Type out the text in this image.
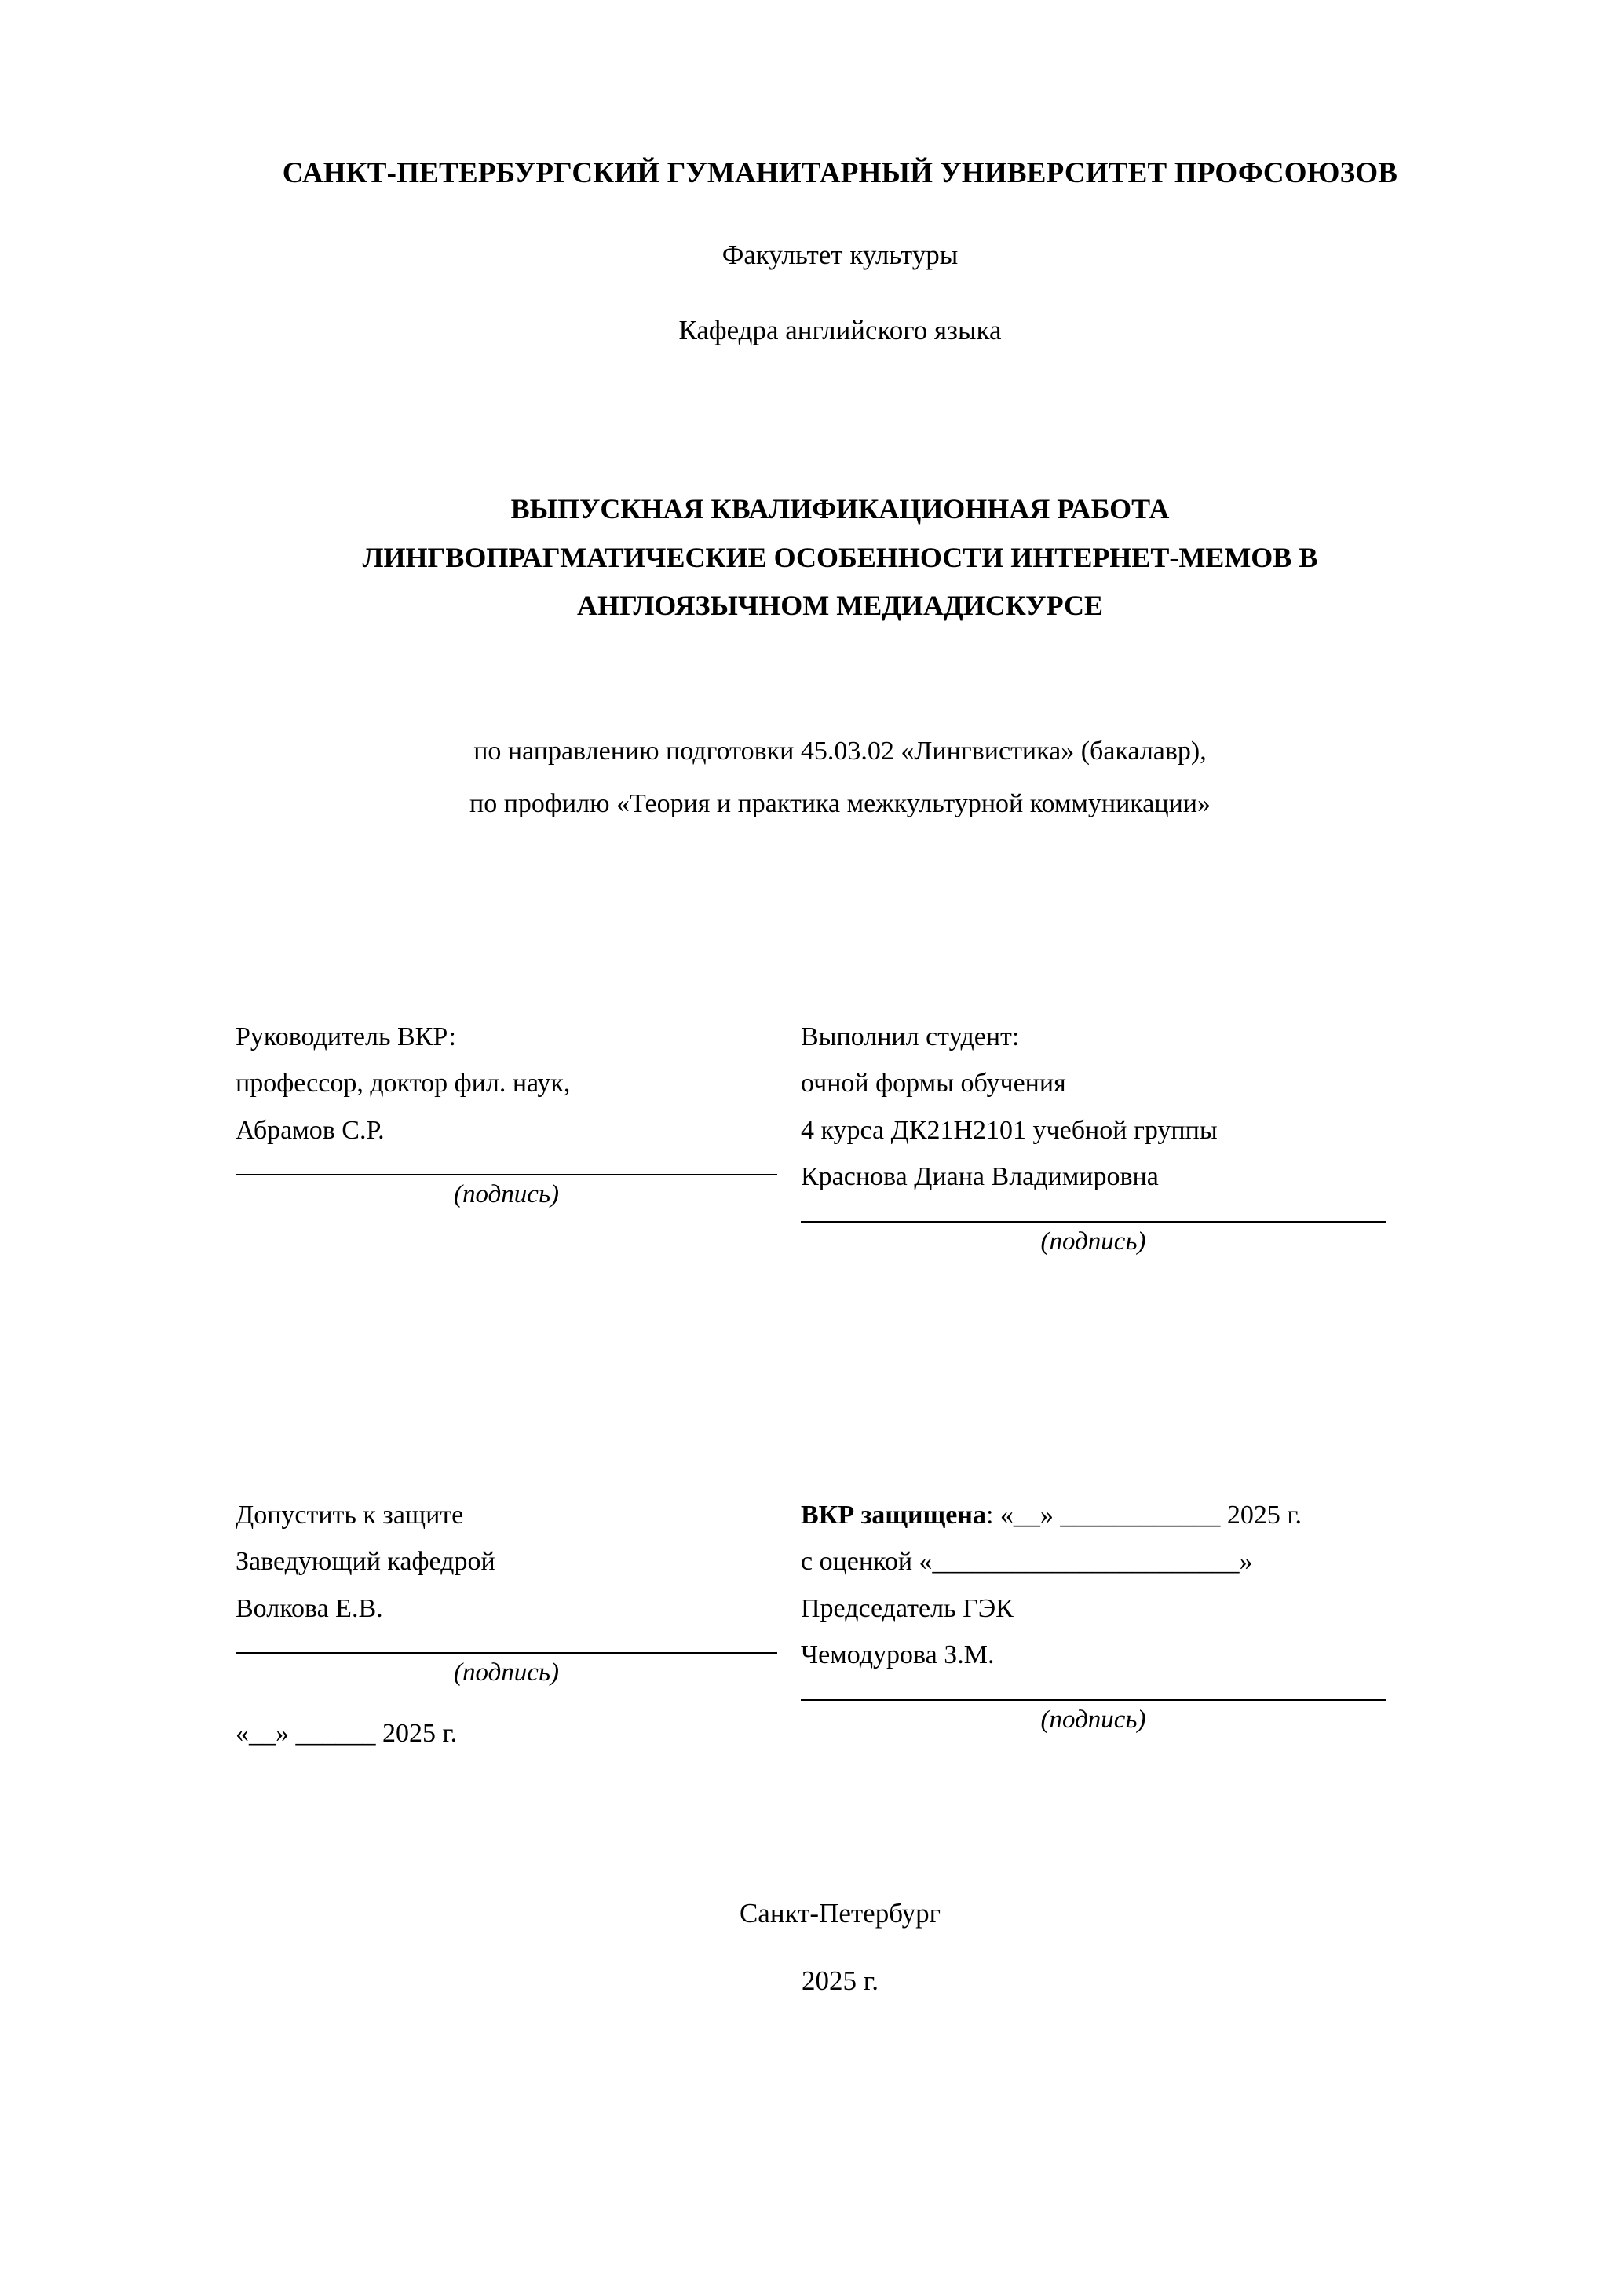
САНКТ-ПЕТЕРБУРГСКИЙ ГУМАНИТАРНЫЙ УНИВЕРСИТЕТ ПРОФСОЮЗОВ
Факультет культуры
Кафедра английского языка
ВЫПУСКНАЯ КВАЛИФИКАЦИОННАЯ РАБОТА
ЛИНГВОПРАГМАТИЧЕСКИЕ ОСОБЕННОСТИ ИНТЕРНЕТ-МЕМОВ В
АНГЛОЯЗЫЧНОМ МЕДИАДИСКУРСЕ
по направлению подготовки 45.03.02 «Лингвистика» (бакалавр),
по профилю «Теория и практика межкультурной коммуникации»
Руководитель ВКР:
профессор, доктор фил. наук,
Абрамов С.Р.
(подпись)
Выполнил студент:
очной формы обучения
4 курса ДК21Н2101 учебной группы
Краснова Диана Владимировна
(подпись)
Допустить к защите
Заведующий кафедрой
Волкова Е.В.
(подпись)
«__» ______ 2025 г.
ВКР защищена: «__» ____________ 2025 г.
с оценкой «_______________________»
Председатель ГЭК
Чемодурова З.М.
(подпись)
Санкт-Петербург
2025 г.
